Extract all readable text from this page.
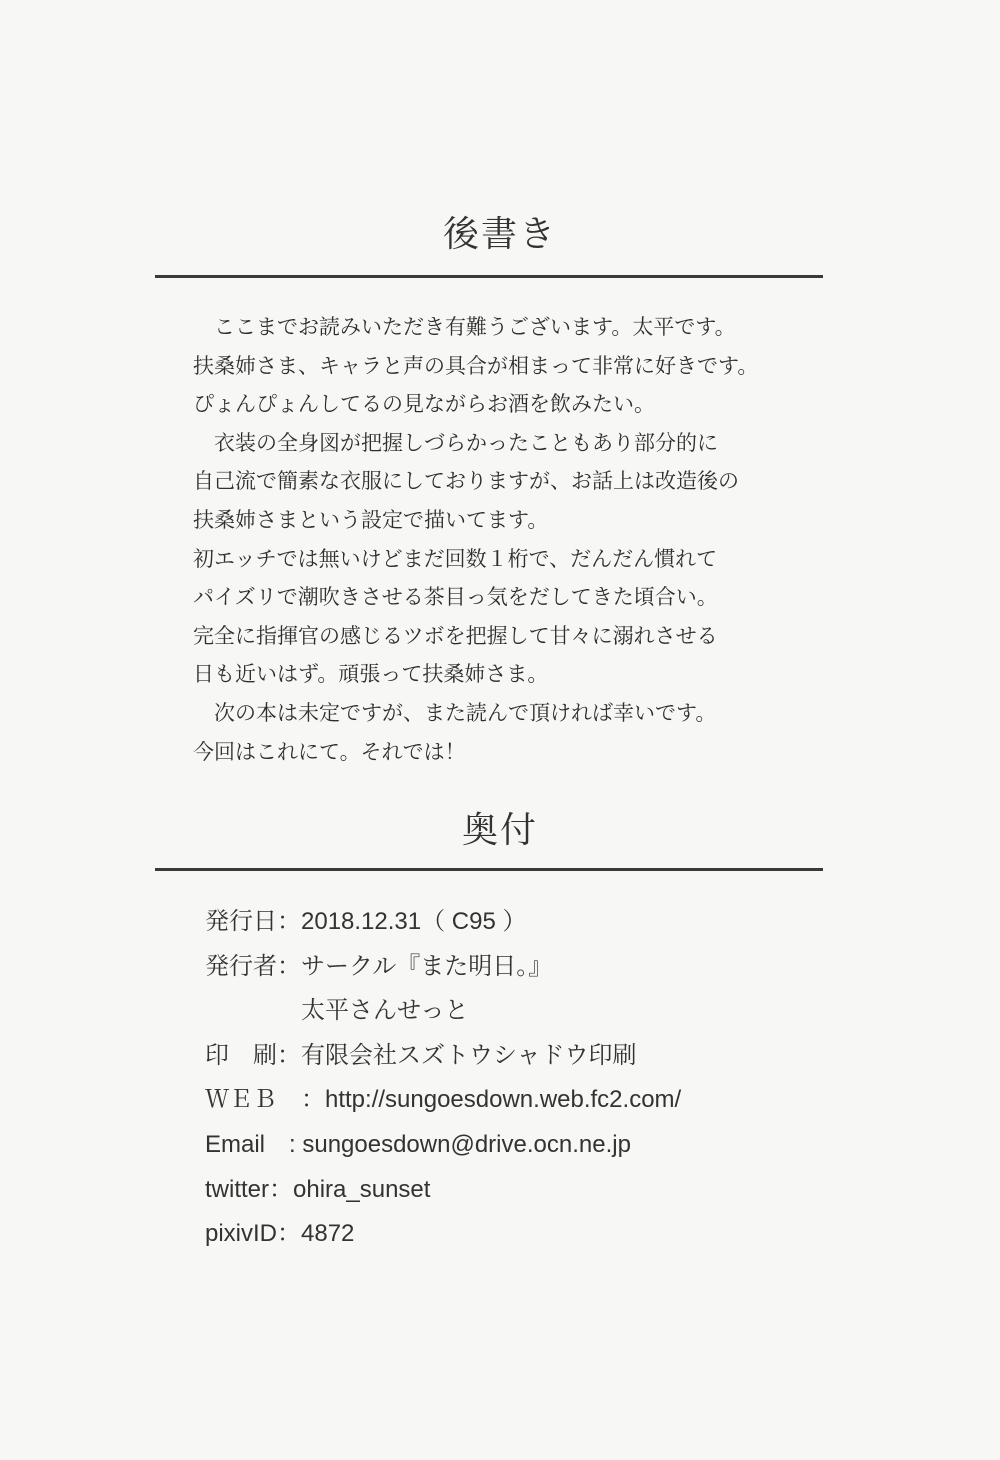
後書き
　ここまでお読みいただき有難うございます。太平です。
扶桑姉さま、キャラと声の具合が相まって非常に好きです。
ぴょんぴょんしてるの見ながらお酒を飲みたい。
　衣装の全身図が把握しづらかったこともあり部分的に
自己流で簡素な衣服にしておりますが、お話上は改造後の
扶桑姉さまという設定で描いてます。
初エッチでは無いけどまだ回数１桁で、だんだん慣れて
パイズリで潮吹きさせる茶目っ気をだしてきた頃合い。
完全に指揮官の感じるツボを把握して甘々に溺れさせる
日も近いはず。頑張って扶桑姉さま。
　次の本は未定ですが、また読んで頂ければ幸いです。
今回はこれにて。それでは！
奥付
発行日：2018.12.31（ C95 ）
発行者：サークル『また明日。』
　　　　太平さんせっと
印　刷：有限会社スズトウシャドウ印刷
ＷＥＢ　：http://sungoesdown.web.fc2.com/
Email　: sungoesdown@drive.ocn.ne.jp
twitter：ohira_sunset
pixivID：4872
